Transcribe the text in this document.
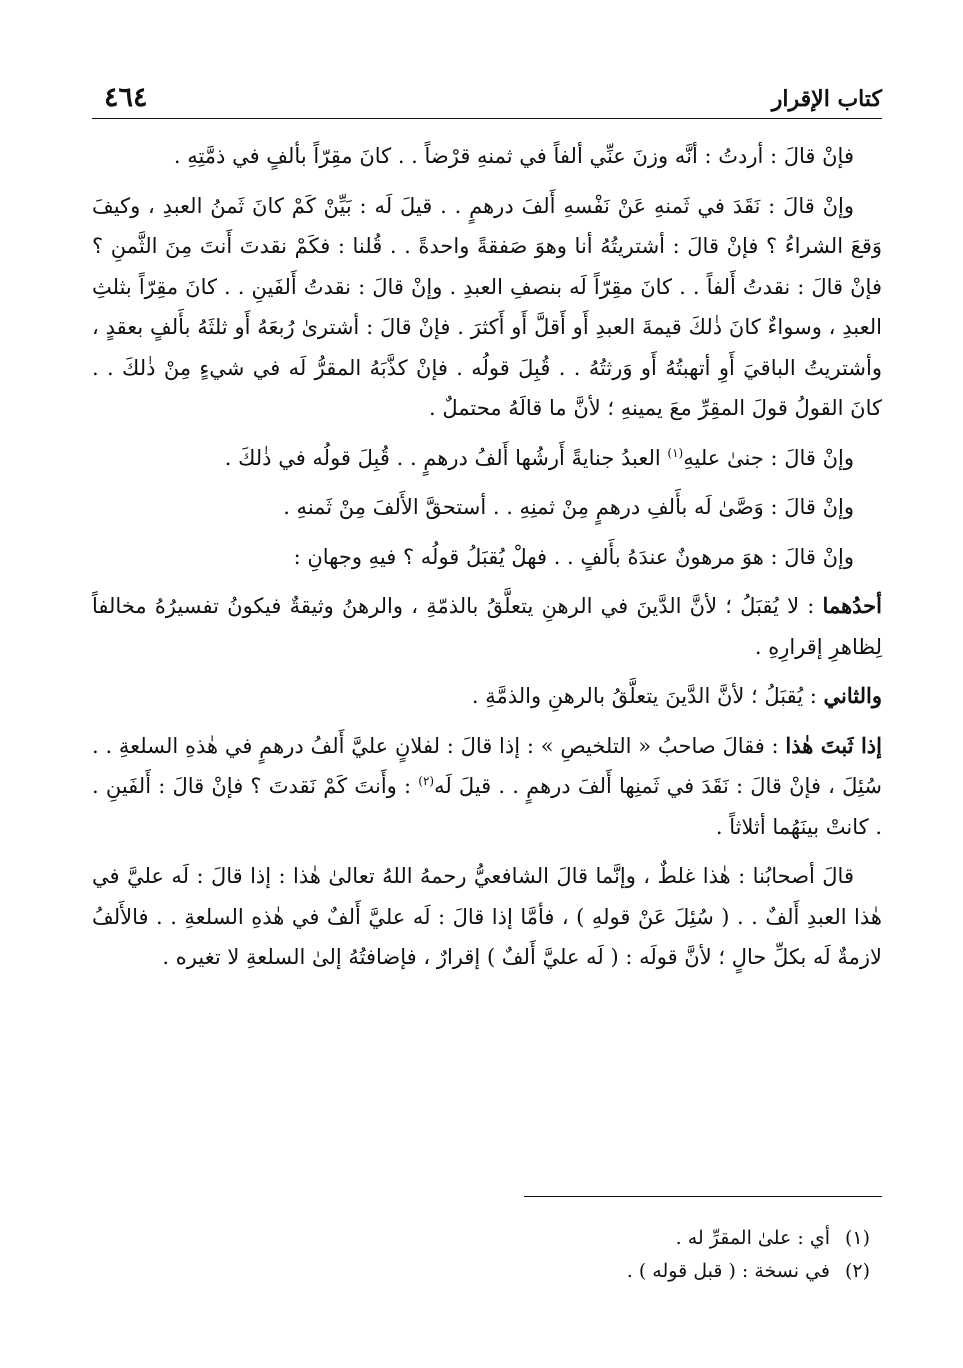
كتاب الإقرار
٤٦٤

فإنْ قالَ : أردتُ : أنَّه وزنَ عنِّي ألفاً في ثمنهِ قرْضاً . . كانَ مقِرّاً بألفٍ في ذمَّتِهِ .

وإنْ قالَ : نَقَدَ في ثَمنهِ عَنْ نَفْسهِ أَلفَ درهمٍ . . قيلَ لَه : بَيِّنْ كَمْ كانَ ثَمنُ العبدِ ، وكيفَ وَقعَ الشراءُ ؟ فإنْ قالَ : أشتريتُهُ أنا وهوَ صَفقةً واحدةً . . قُلنا : فكَمْ نقدتَ أَنتَ مِنَ الثَّمنِ ؟ فإنْ قالَ : نقدتُ أَلفاً . . كانَ مقِرّاً لَه بنصفِ العبدِ . وإنْ قالَ : نقدتُ أَلفَينِ . . كانَ مقِرّاً بثلثِ العبدِ ، وسواءٌ كانَ ذٰلكَ قيمةَ العبدِ أَو أَقلَّ أَو أَكثرَ . فإنْ قالَ : أشترىٰ رُبعَهُ أَو ثلثَهُ بأَلفٍ بعقدٍ ، وأشتريتُ الباقيَ أَوِ أتهبتُهُ أَو وَرثتُهُ . . قُبِلَ قولُه . فإنْ كذَّبَهُ المقرُّ لَه في شيءٍ مِنْ ذٰلكَ . . كانَ القولُ قولَ المقِرِّ معَ يمينهِ ؛ لأنَّ ما قالَهُ محتملٌ .

وإنْ قالَ : جنىٰ عليهِ$^{(١)}$ العبدُ جنايةً أَرشُها أَلفُ درهمٍ . . قُبِلَ قولُه في ذٰلكَ .

وإنْ قالَ : وَصَّىٰ لَه بأَلفِ درهمٍ مِنْ ثمنِهِ . . أستحقَّ الأَلفَ مِنْ ثَمنهِ .

وإنْ قالَ : هوَ مرهونٌ عندَهُ بأَلفٍ . . فهلْ يُقبَلُ قولُه ؟ فيهِ وجهانِ :

أحدُهما : لا يُقبَلُ ؛ لأنَّ الدَّينَ في الرهنِ يتعلَّقُ بالذمّةِ ، والرهنُ وثيقةٌ فيكونُ تفسيرُهُ مخالفاً لِظاهرِ إقرارِهِ .

والثاني : يُقبَلُ ؛ لأنَّ الدَّينَ يتعلَّقُ بالرهنِ والذمَّةِ .

إذا ثَبتَ هٰذا : فقالَ صاحبُ « التلخيصِ » : إذا قالَ : لفلانٍ عليَّ أَلفُ درهمٍ في هٰذهِ السلعةِ . . سُئِلَ ، فإنْ قالَ : نَقَدَ في ثَمنِها أَلفَ درهمٍ . . قيلَ لَه$^{(٢)}$ : وأَنتَ كَمْ نَقدتَ ؟ فإنْ قالَ : أَلفَينِ . . كانتْ بينَهُما أثلاثاً .

قالَ أصحابُنا : هٰذا غلطٌ ، وإنَّما قالَ الشافعيُّ رحمهُ اللهُ تعالىٰ هٰذا : إذا قالَ : لَه عليَّ في هٰذا العبدِ أَلفٌ . . ( سُئِلَ عَنْ قولهِ ) ، فأمَّا إذا قالَ : لَه عليَّ أَلفٌ في هٰذهِ السلعةِ . . فالأَلفُ لازمةٌ لَه بكلِّ حالٍ ؛ لأنَّ قولَه : ( لَه عليَّ أَلفٌ ) إقرارٌ ، فإضافتُهُ إلىٰ السلعةِ لا تغيره .

(١)أي : علىٰ المقرِّ له .
(٢)في نسخة : ( قبل قوله ) .
